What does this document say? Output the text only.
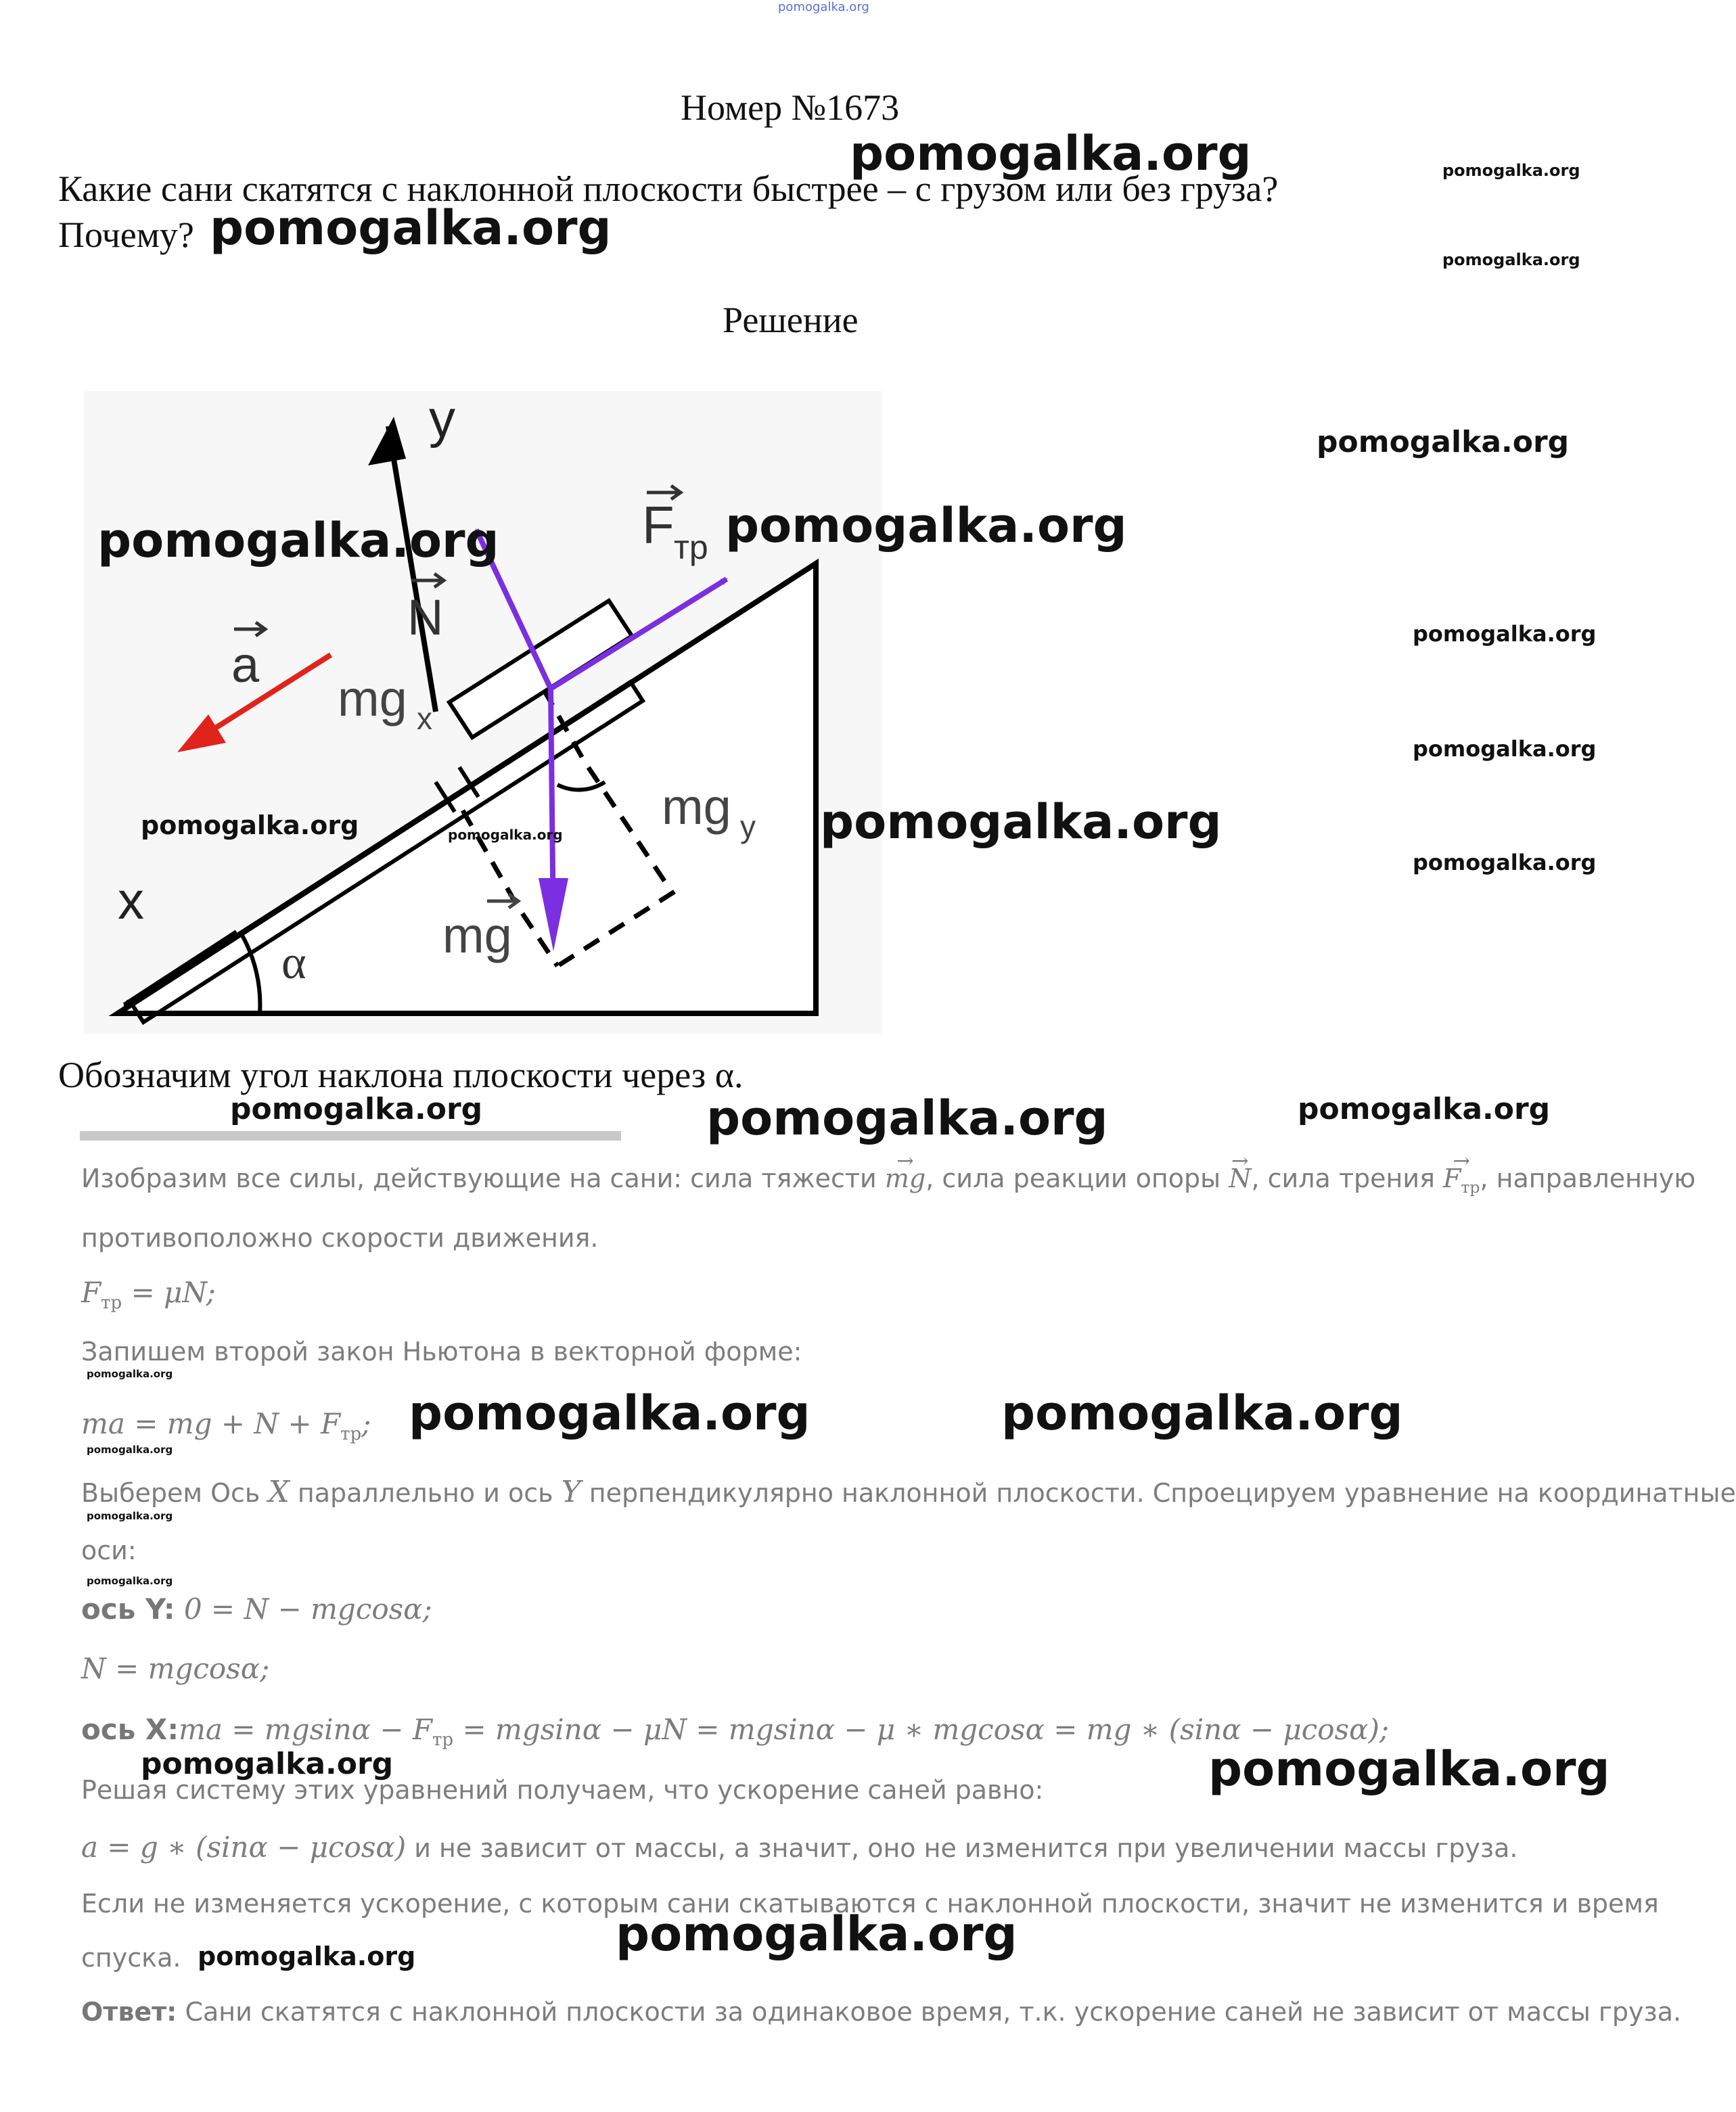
pomogalka.org
Номер №1673
Какие сани скатятся с наклонной плоскости быстрее – с грузом или без груза?
Почему?
Решение
y
x
F тр
N
a
mg x
mg y
mg
α
Обозначим угол наклона плоскости через α.
Изобразим все силы, действующие на сани: сила тяжести → mg, сила реакции опоры → N, сила трения → $F_{тр}$, направленную
противоположно скорости движения.
$F_{тр} = \mu N$;
Запишем второй закон Ньютона в векторной форме:
ma = mg + $N + F_{тр}$;
Выберем Ось X параллельно и ось Y перпендикулярно наклонной плоскости. Спроецируем уравнение на координатные
оси:
ось Y: 0 = N − mgcosα;
N = mgcosα;
ось X:ma = $mgsin\alpha - F_{тр} = mgsin\alpha - \mu N = mgsin\alpha - \mu$ ∗ mgcosα = mg ∗ (sinα − μcosα);
Решая систему этих уравнений получаем, что ускорение саней равно:
a = g ∗ (sinα − μcosα) и не зависит от массы, а значит, оно не изменится при увеличении массы груза.
Если не изменяется ускорение, с которым сани скатываются с наклонной плоскости, значит не изменится и время
спуска.
Ответ: Сани скатятся с наклонной плоскости за одинаковое время, т.к. ускорение саней не зависит от массы груза.
pomogalka.org	pomogalka.org
pomogalka.org
pomogalka.org
pomogalka.org
pomogalka.org	pomogalka.org
pomogalka.org
pomogalka.org
pomogalka.org
pomogalka.org	pomogalka.org	pomogalka.org
pomogalka.org	pomogalka.org	pomogalka.org
pomogalka.org
pomogalka.org	pomogalka.org
pomogalka.org
pomogalka.org
pomogalka.org
pomogalka.org	pomogalka.org
pomogalka.org	pomogalka.org
